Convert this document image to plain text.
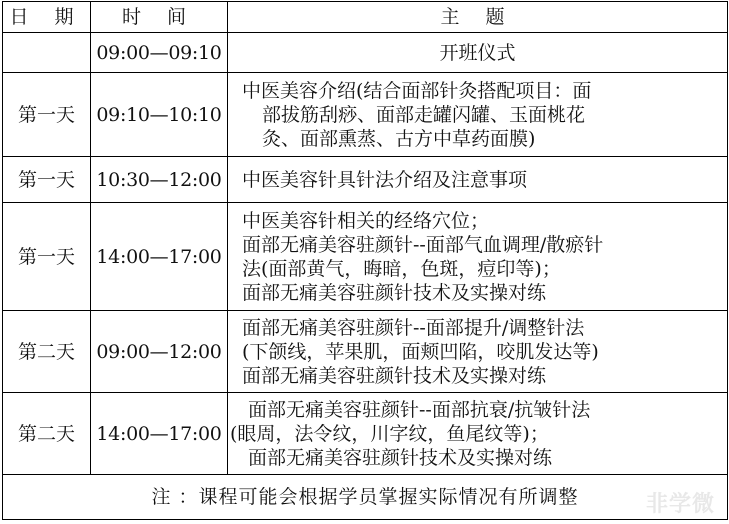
日 期	时 间	主 题
	09:00—09:10	开班仪式

第一天	09:10—10:10	中医美容介绍(结合面部针灸搭配项目：面
部拔筋刮痧、面部走罐闪罐、玉面桃花
灸、面部熏蒸、古方中草药面膜)

第一天	10:30—12:00	中医美容针具针法介绍及注意事项

第一天	14:00—17:00	中医美容针相关的经络穴位；
面部无痛美容驻颜针--面部气血调理/散瘀针
法(面部黄气，晦暗，色斑，痘印等)；
面部无痛美容驻颜针技术及实操对练

第二天	09:00—12:00	面部无痛美容驻颜针--面部提升/调整针法
(下颌线，苹果肌，面颊凹陷，咬肌发达等)
面部无痛美容驻颜针技术及实操对练

第二天	14:00—17:00	面部无痛美容驻颜针--面部抗衰/抗皱针法
(眼周，法令纹，川字纹，鱼尾纹等)；
面部无痛美容驻颜针技术及实操对练

注 ：课程可能会根据学员掌握实际情况有所调整			非学微
